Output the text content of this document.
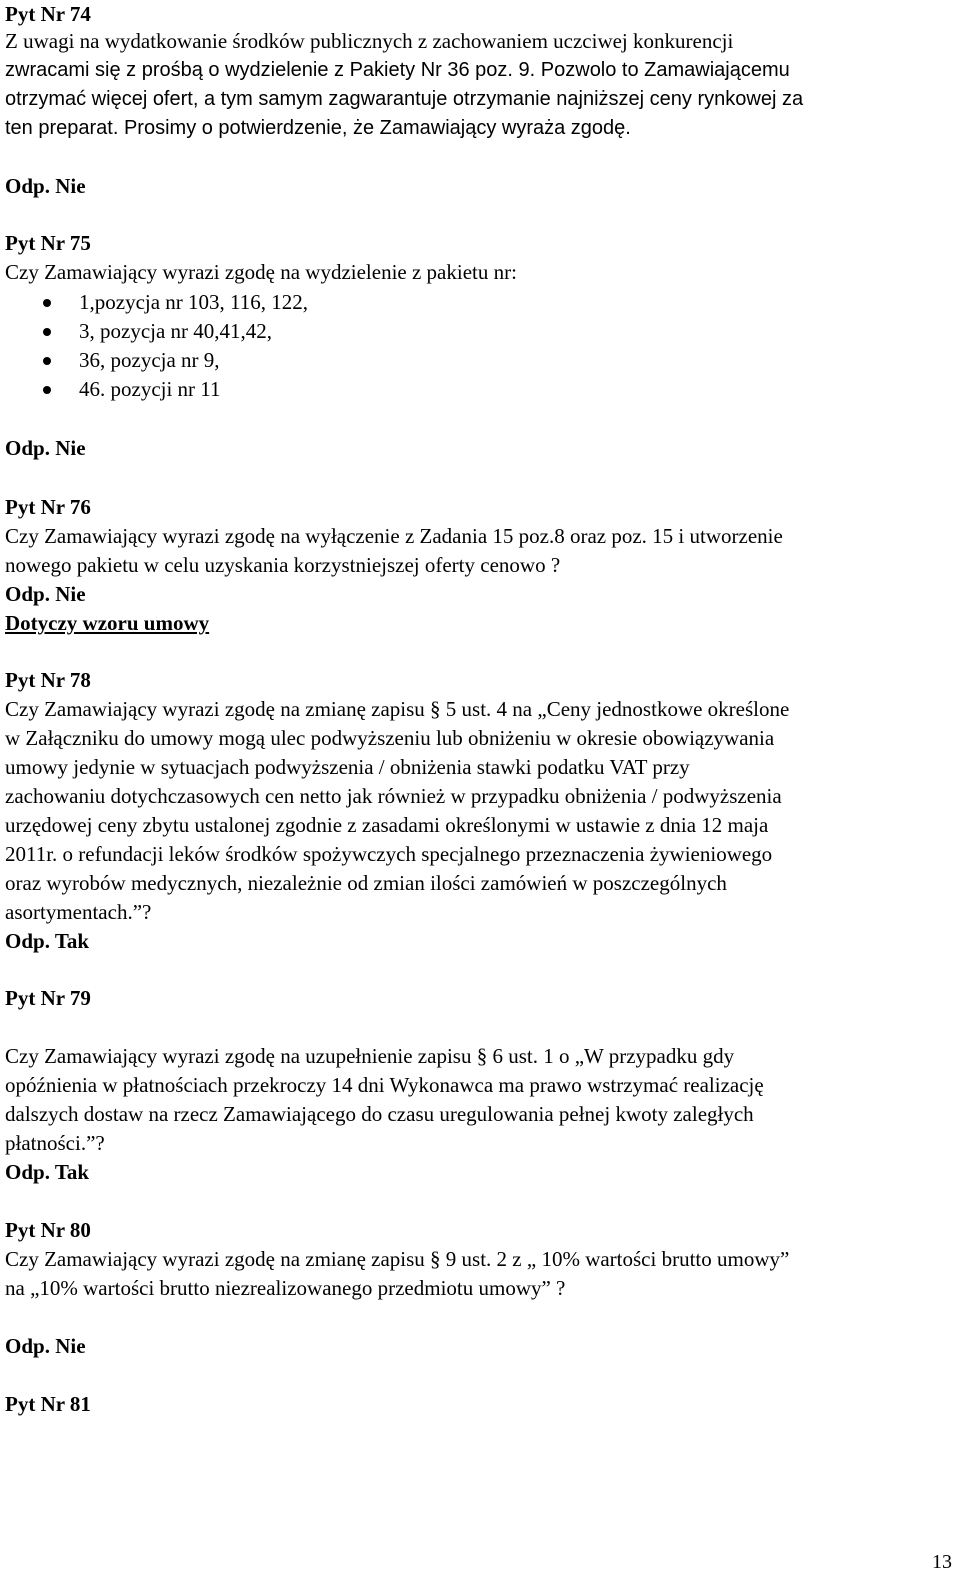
Pyt Nr 74
Z uwagi na wydatkowanie środków publicznych z zachowaniem uczciwej konkurencji
zwracami się z prośbą o wydzielenie z Pakiety Nr 36 poz. 9. Pozwolo to Zamawiającemu
otrzymać więcej ofert, a tym samym zagwarantuje otrzymanie najniższej ceny rynkowej za
ten preparat. Prosimy o potwierdzenie, że Zamawiający wyraża zgodę.
Odp. Nie
Pyt Nr 75
Czy Zamawiający wyrazi zgodę na wydzielenie z pakietu nr:
1,pozycja nr 103, 116, 122,
3, pozycja nr 40,41,42,
36, pozycja nr 9,
46. pozycji nr 11
Odp. Nie
Pyt Nr 76
Czy Zamawiający wyrazi zgodę na wyłączenie z Zadania 15 poz.8 oraz poz. 15 i utworzenie
nowego pakietu w celu uzyskania korzystniejszej oferty cenowo ?
Odp. Nie
Dotyczy wzoru umowy
Pyt Nr 78
Czy Zamawiający wyrazi zgodę na zmianę zapisu § 5 ust. 4 na „Ceny jednostkowe określone
w Załączniku do umowy mogą ulec podwyższeniu lub obniżeniu w okresie obowiązywania
umowy jedynie w sytuacjach podwyższenia / obniżenia stawki podatku VAT przy
zachowaniu dotychczasowych cen netto jak również w przypadku obniżenia / podwyższenia
urzędowej ceny zbytu ustalonej zgodnie z zasadami określonymi w ustawie z dnia 12 maja
2011r. o refundacji leków środków spożywczych specjalnego przeznaczenia żywieniowego
oraz wyrobów medycznych, niezależnie od zmian ilości zamówień w poszczególnych
asortymentach.”?
Odp. Tak
Pyt Nr 79
Czy Zamawiający wyrazi zgodę na uzupełnienie zapisu § 6 ust. 1 o „W przypadku gdy
opóźnienia w płatnościach przekroczy 14 dni Wykonawca ma prawo wstrzymać realizację
dalszych dostaw na rzecz Zamawiającego do czasu uregulowania pełnej kwoty zaległych
płatności.”?
Odp. Tak
Pyt Nr 80
Czy Zamawiający wyrazi zgodę na zmianę zapisu § 9 ust. 2 z „ 10% wartości brutto umowy”
na „10% wartości brutto niezrealizowanego przedmiotu umowy” ?
Odp. Nie
Pyt Nr 81
13
